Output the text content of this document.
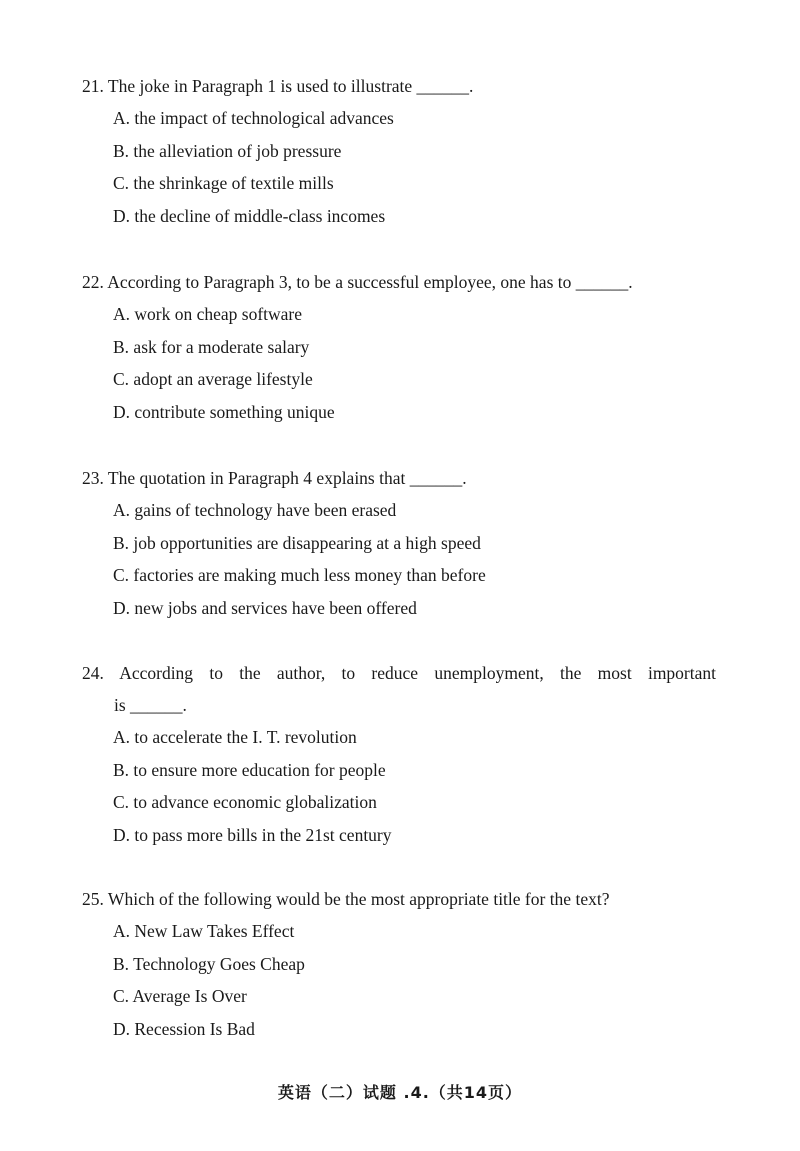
21. The joke in Paragraph 1 is used to illustrate ______.
A. the impact of technological advances
B. the alleviation of job pressure
C. the shrinkage of textile mills
D. the decline of middle-class incomes
22. According to Paragraph 3, to be a successful employee, one has to ______.
A. work on cheap software
B. ask for a moderate salary
C. adopt an average lifestyle
D. contribute something unique
23. The quotation in Paragraph 4 explains that ______.
A. gains of technology have been erased
B. job opportunities are disappearing at a high speed
C. factories are making much less money than before
D. new jobs and services have been offered
24. According to the author, to reduce unemployment, the most important
is ______.
A. to accelerate the I. T. revolution
B. to ensure more education for people
C. to advance economic globalization
D. to pass more bills in the 21st century
25. Which of the following would be the most appropriate title for the text?
A. New Law Takes Effect
B. Technology Goes Cheap
C. Average Is Over
D. Recession Is Bad
英语（二）试题 .4.（共14页）
